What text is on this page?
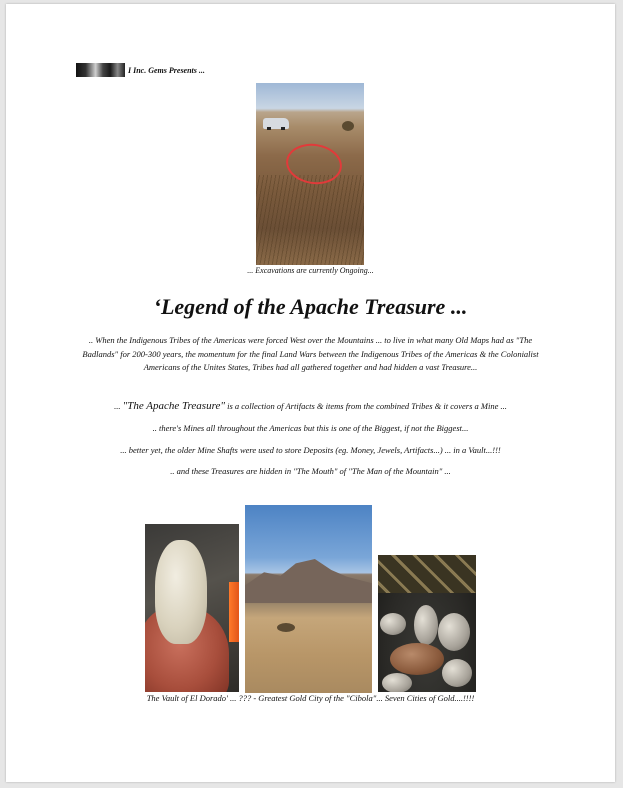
I Inc. Gems Presents ...
... Excavations are currently Ongoing...
‘Legend of the Apache Treasure ...
.. When the Indigenous Tribes of the Americas were forced West over the Mountains ... to live in what many Old Maps had as "The Badlands" for 200-300 years, the momentum for the final Land Wars between the Indigenous Tribes of the Americas & the Colonialist Americans of the Unites States, Tribes had all gathered together and had hidden a vast Treasure...
... "The Apache Treasure" is a collection of Artifacts & items from the combined Tribes & it covers a Mine ...
.. there's Mines all throughout the Americas but this is one of the Biggest, if not the Biggest...
... better yet, the older Mine Shafts were used to store Deposits (eg. Money, Jewels, Artifacts...) ... in a Vault...!!!
.. and these Treasures are hidden in "The Mouth" of "The Man of the Mountain" ...
The Vault of El Dorado' ... ??? - Greatest Gold City of the "Cibola"... Seven Cities of Gold....!!!!
